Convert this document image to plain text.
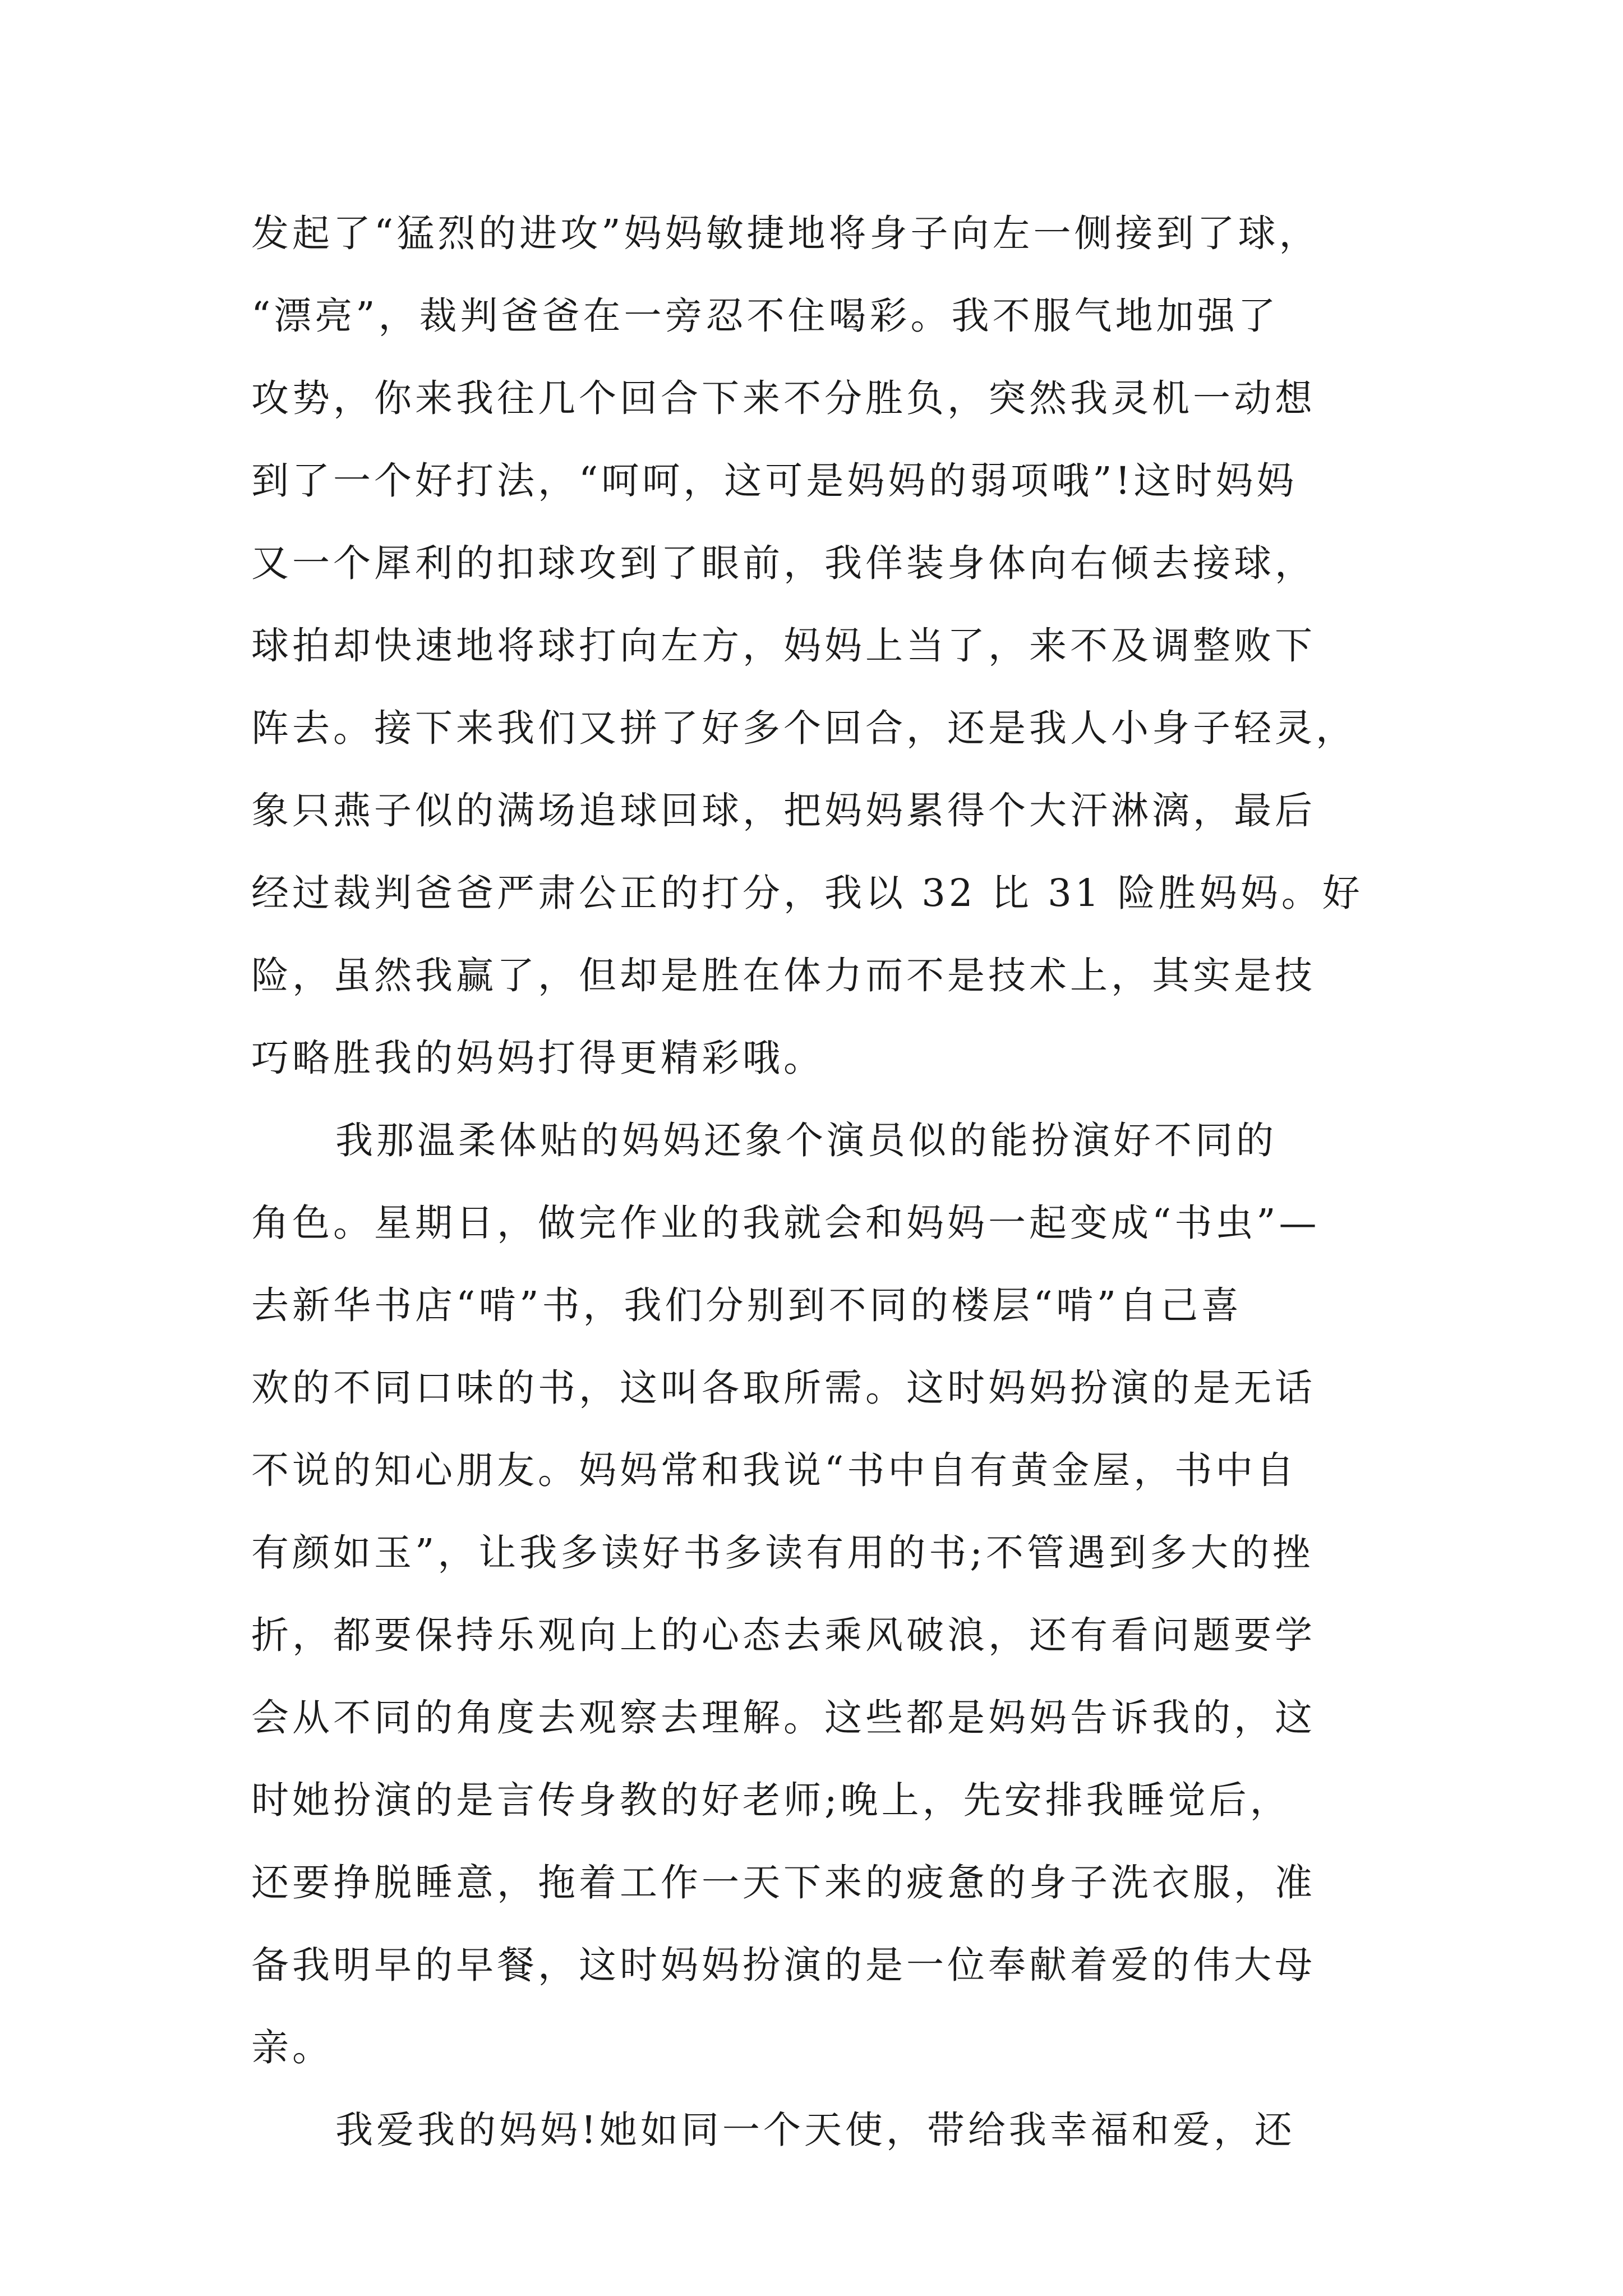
发起了“猛烈的进攻”妈妈敏捷地将身子向左一侧接到了球，
“漂亮”，裁判爸爸在一旁忍不住喝彩。我不服气地加强了
攻势，你来我往几个回合下来不分胜负，突然我灵机一动想
到了一个好打法，“呵呵，这可是妈妈的弱项哦”!这时妈妈
又一个犀利的扣球攻到了眼前，我佯装身体向右倾去接球，
球拍却快速地将球打向左方，妈妈上当了，来不及调整败下
阵去。接下来我们又拼了好多个回合，还是我人小身子轻灵，
象只燕子似的满场追球回球，把妈妈累得个大汗淋漓，最后
经过裁判爸爸严肃公正的打分，我以 32 比 31 险胜妈妈。好
险，虽然我赢了，但却是胜在体力而不是技术上，其实是技
巧略胜我的妈妈打得更精彩哦。
我那温柔体贴的妈妈还象个演员似的能扮演好不同的
角色。星期日，做完作业的我就会和妈妈一起变成“书虫”—
去新华书店“啃”书，我们分别到不同的楼层“啃”自己喜
欢的不同口味的书，这叫各取所需。这时妈妈扮演的是无话
不说的知心朋友。妈妈常和我说“书中自有黄金屋，书中自
有颜如玉”，让我多读好书多读有用的书;不管遇到多大的挫
折，都要保持乐观向上的心态去乘风破浪，还有看问题要学
会从不同的角度去观察去理解。这些都是妈妈告诉我的，这
时她扮演的是言传身教的好老师;晚上，先安排我睡觉后，
还要挣脱睡意，拖着工作一天下来的疲惫的身子洗衣服，准
备我明早的早餐，这时妈妈扮演的是一位奉献着爱的伟大母
亲。
我爱我的妈妈!她如同一个天使，带给我幸福和爱，还
